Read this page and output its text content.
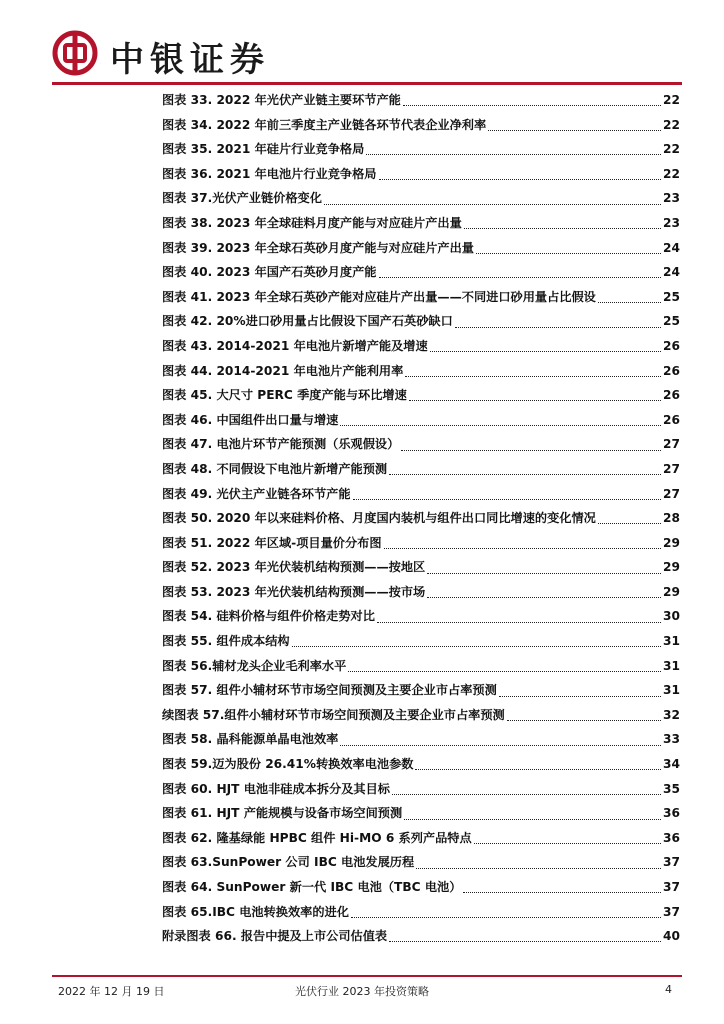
中银证券
图表 33. 2022 年光伏产业链主要环节产能	22
图表 34. 2022 年前三季度主产业链各环节代表企业净利率	22
图表 35. 2021 年硅片行业竞争格局	22
图表 36. 2021 年电池片行业竞争格局	22
图表 37.光伏产业链价格变化	23
图表 38. 2023 年全球硅料月度产能与对应硅片产出量	23
图表 39. 2023 年全球石英砂月度产能与对应硅片产出量	24
图表 40. 2023 年国产石英砂月度产能	24
图表 41. 2023 年全球石英砂产能对应硅片产出量——不同进口砂用量占比假设	25
图表 42. 20%进口砂用量占比假设下国产石英砂缺口	25
图表 43. 2014-2021 年电池片新增产能及增速	26
图表 44. 2014-2021 年电池片产能利用率	26
图表 45. 大尺寸 PERC 季度产能与环比增速	26
图表 46. 中国组件出口量与增速	26
图表 47. 电池片环节产能预测（乐观假设）	27
图表 48. 不同假设下电池片新增产能预测	27
图表 49. 光伏主产业链各环节产能	27
图表 50. 2020 年以来硅料价格、月度国内装机与组件出口同比增速的变化情况	28
图表 51. 2022 年区域-项目量价分布图	29
图表 52. 2023 年光伏装机结构预测——按地区	29
图表 53. 2023 年光伏装机结构预测——按市场	29
图表 54. 硅料价格与组件价格走势对比	30
图表 55. 组件成本结构	31
图表 56.辅材龙头企业毛利率水平	31
图表 57. 组件小辅材环节市场空间预测及主要企业市占率预测	31
续图表 57.组件小辅材环节市场空间预测及主要企业市占率预测	32
图表 58. 晶科能源单晶电池效率	33
图表 59.迈为股份 26.41%转换效率电池参数	34
图表 60. HJT 电池非硅成本拆分及其目标	35
图表 61. HJT 产能规模与设备市场空间预测	36
图表 62. 隆基绿能 HPBC 组件 Hi-MO 6 系列产品特点	36
图表 63.SunPower 公司 IBC 电池发展历程	37
图表 64. SunPower 新一代 IBC 电池（TBC 电池）	37
图表 65.IBC 电池转换效率的进化	37
附录图表 66. 报告中提及上市公司估值表	40
2022 年 12 月 19 日	光伏行业 2023 年投资策略	4
